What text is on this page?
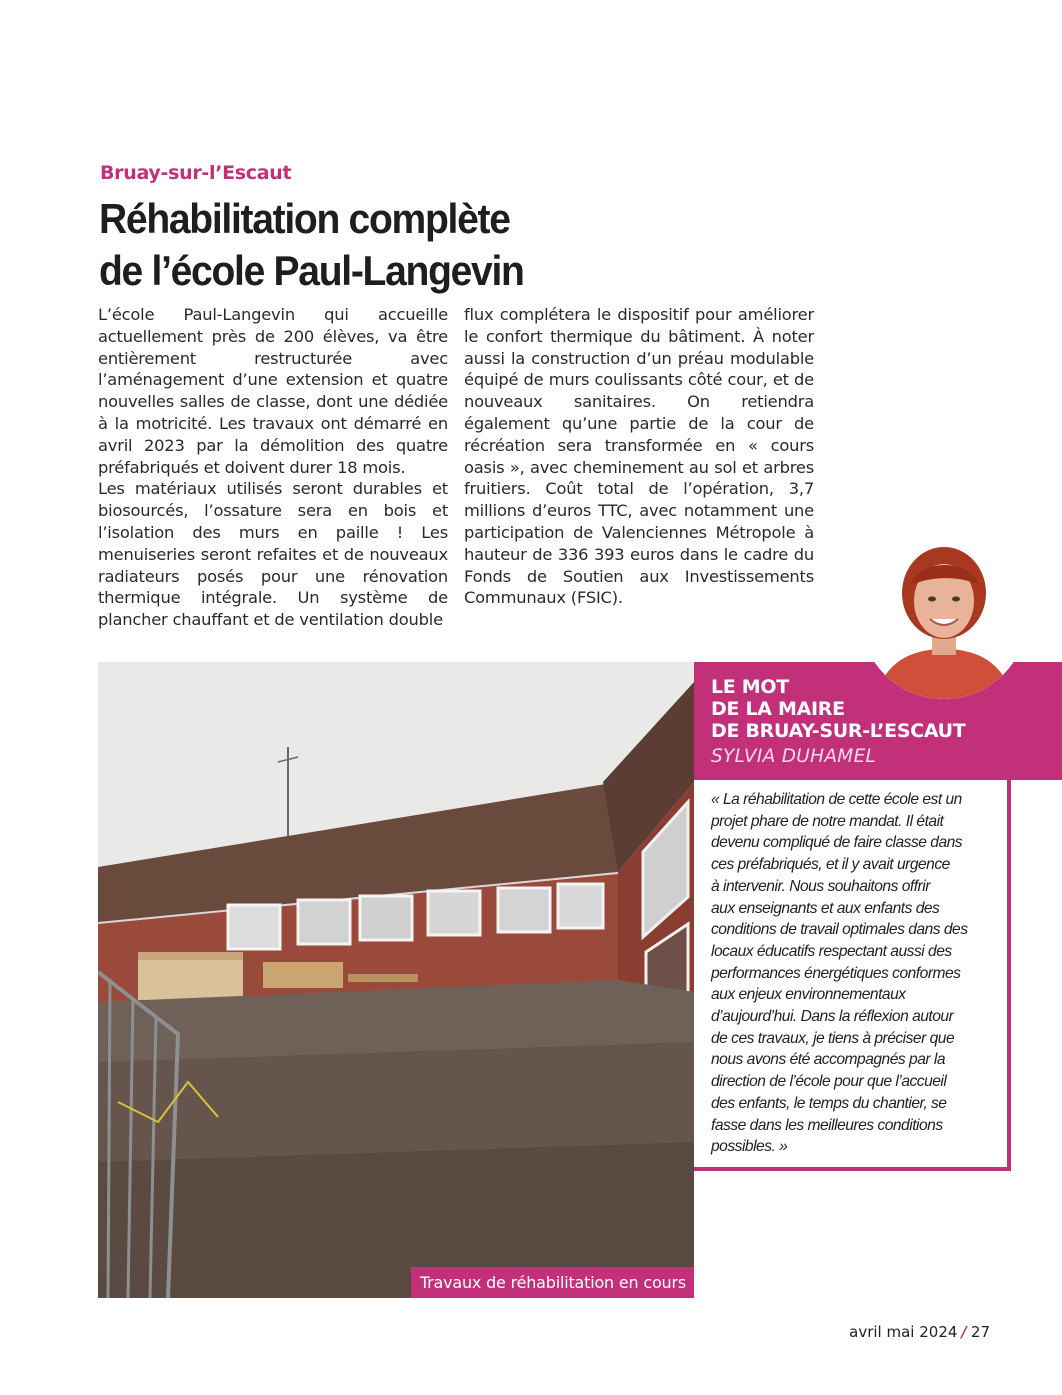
Bruay-sur-l’Escaut
Réhabilitation complète
de l’école Paul-Langevin

L’école Paul-Langevin qui accueille actuellement près de 200 élèves, va être entièrement restructurée avec l’aménagement d’une extension et quatre nouvelles salles de classe, dont une dédiée à la motricité. Les travaux ont démarré en avril 2023 par la démolition des quatre préfabriqués et doivent durer 18 mois.

Les matériaux utilisés seront durables et biosourcés, l’ossature sera en bois et l’isolation des murs en paille ! Les menuiseries seront refaites et de nouveaux radiateurs posés pour une rénovation thermique intégrale. Un système de plancher chauffant et de ventilation double

flux complétera le dispositif pour améliorer le confort thermique du bâtiment. À noter aussi la construction d’un préau modulable équipé de murs coulissants côté cour, et de nouveaux sanitaires. On retiendra également qu’une partie de la cour de récréation sera transformée en « cours oasis », avec cheminement au sol et arbres fruitiers. Coût total de l’opération, 3,7 millions d’euros TTC, avec notamment une participation de Valenciennes Métropole à hauteur de 336 393 euros dans le cadre du Fonds de Soutien aux Investissements Communaux (FSIC).

Travaux de réhabilitation en cours
LE MOT
DE LA MAIRE
DE BRUAY-SUR-L’ESCAUT
SYLVIA DUHAMEL
« La réhabilitation de cette école est un
projet phare de notre mandat. Il était
devenu compliqué de faire classe dans
ces préfabriqués, et il y avait urgence
à intervenir. Nous souhaitons offrir
aux enseignants et aux enfants des
conditions de travail optimales dans des
locaux éducatifs respectant aussi des
performances énergétiques conformes
aux enjeux environnementaux
d’aujourd’hui. Dans la réflexion autour
de ces travaux, je tiens à préciser que
nous avons été accompagnés par la
direction de l’école pour que l’accueil
des enfants, le temps du chantier, se
fasse dans les meilleures conditions
possibles. »
avril mai 2024 / 27
